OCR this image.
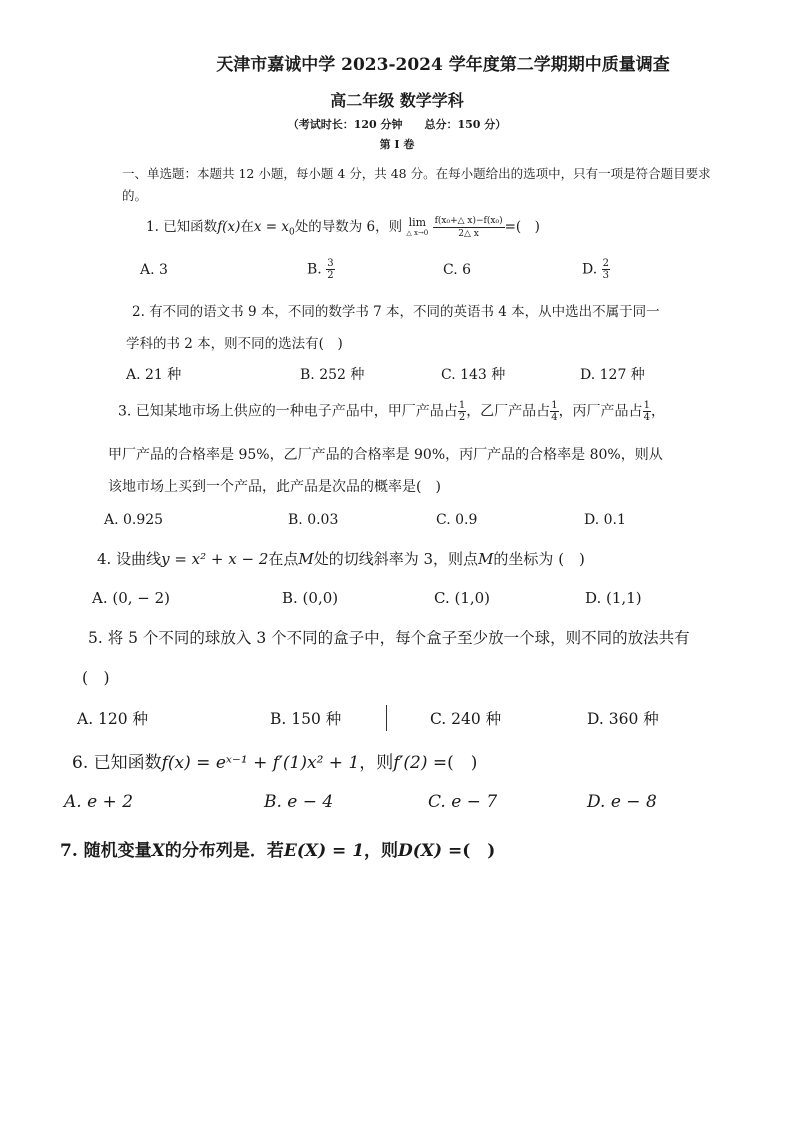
天津市嘉诚中学 2023-2024 学年度第二学期期中质量调查
高二年级 数学学科
（考试时长：120 分钟　　总分：150 分）
第 I 卷
一、单选题：本题共 12 小题，每小题 4 分，共 48 分。在每小题给出的选项中，只有一项是符合题目要求的。
1. 已知函数f(x)在$x = x_0$处的导数为 6，则 lim
△ x→0
$\frac{\text{f(x₀+△ x)−f(x₀)}}{2\triangle x}=$(　)
A. 3	B. $\frac{3}{2}$	C. 6	D. $\frac{2}{3}$
2. 有不同的语文书 9 本，不同的数学书 7 本，不同的英语书 4 本，从中选出不属于同一
学科的书 2 本，则不同的选法有(　)
A. 21 种	B. 252 种	C. 143 种	D. 127 种
3. 已知某地市场上供应的一种电子产品中，甲厂产品占 $\frac{1}{2}$ ，乙厂产品占 $\frac{1}{4}$ ，丙厂产品占 $\frac{1}{4}$ ，
甲厂产品的合格率是 95%，乙厂产品的合格率是 90%，丙厂产品的合格率是 80%，则从
该地市场上买到一个产品，此产品是次品的概率是(　)
A. 0.925	B. 0.03	C. 0.9	D. 0.1
4. 设曲线y = x² + x − 2在点M处的切线斜率为 3，则点M的坐标为 (　)
A. (0, − 2)	B. (0,0)	C. (1,0)	D. (1,1)
5. 将 5 个不同的球放入 3 个不同的盒子中，每个盒子至少放一个球，则不同的放法共有
(　)
A. 120 种	B. 150 种	C. 240 种	D. 360 种
6. 已知函数f(x) = eˣ⁻¹ + f′(1)x² + 1，则f′(2) =(　)
A. e + 2	B. e − 4	C. e − 7	D. e − 8
7. 随机变量X的分布列是．若E(X) = 1，则D(X) =(　)
